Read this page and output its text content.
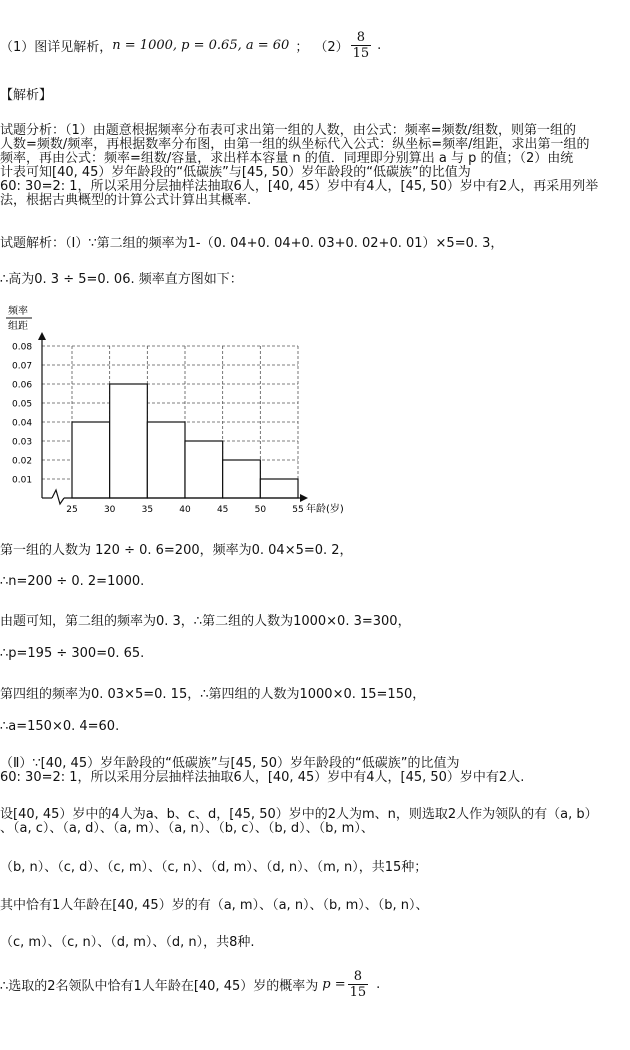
（1）图详见解析， n = 1000, p = 0.65, a = 60 ； $(2) \frac{8}{15}$ .
【解析】
试题分析：（1）由题意根据频率分布表可求出第一组的人数，由公式：频率=频数/组数，则第一组的
人数=频数/频率，再根据数率分布图，由第一组的纵坐标代入公式：纵坐标=频率/组距，求出第一组的
频率，再由公式：频率=组数/容量，求出样本容量 n 的值．同理即分别算出 a 与 p 的值；（2）由统
计表可知[40, 45）岁年龄段的“低碳族”与[45, 50）岁年龄段的“低碳族”的比值为
60: 30=2: 1，所以采用分层抽样法抽取6人，[40, 45）岁中有4人，[45, 50）岁中有2人，再采用列举
法，根据古典概型的计算公式计算出其概率.
试题解析：（Ⅰ）∵第二组的频率为1-（0. 04+0. 04+0. 03+0. 02+0. 01）×5=0. 3，
∴高为0. 3 ÷ 5=0. 06. 频率直方图如下：
0.01
0.02
0.03
0.04
0.05
0.06
0.07
0.08
25	30	35	40	45	50	55
频率
组距
年龄(岁)
第一组的人数为 120 ÷ 0. 6=200，频率为0. 04×5=0. 2，
∴n=200 ÷ 0. 2=1000.
由题可知，第二组的频率为0. 3，∴第二组的人数为1000×0. 3=300，
∴p=195 ÷ 300=0. 65.
第四组的频率为0. 03×5=0. 15，∴第四组的人数为1000×0. 15=150，
∴a=150×0. 4=60.
（Ⅱ）∵[40, 45）岁年龄段的“低碳族”与[45, 50）岁年龄段的“低碳族”的比值为
60: 30=2: 1，所以采用分层抽样法抽取6人，[40, 45）岁中有4人，[45, 50）岁中有2人.
设[40, 45）岁中的4人为a、b、c、d，[45, 50）岁中的2人为m、n，则选取2人作为领队的有（a, b）
、（a, c）、（a, d）、（a, m）、（a, n）、（b, c）、（b, d）、（b, m）、
（b, n）、（c, d）、（c, m）、（c, n）、（d, m）、（d, n）、（m, n），共15种；
其中恰有1人年龄在[40, 45）岁的有（a, m）、（a, n）、（b, m）、（b, n）、
（c, m）、（c, n）、（d, m）、（d, n），共8种.
∴选取的2名领队中恰有1人年龄在[40, 45）岁的概率为 $p = \frac{8}{15}$ .
